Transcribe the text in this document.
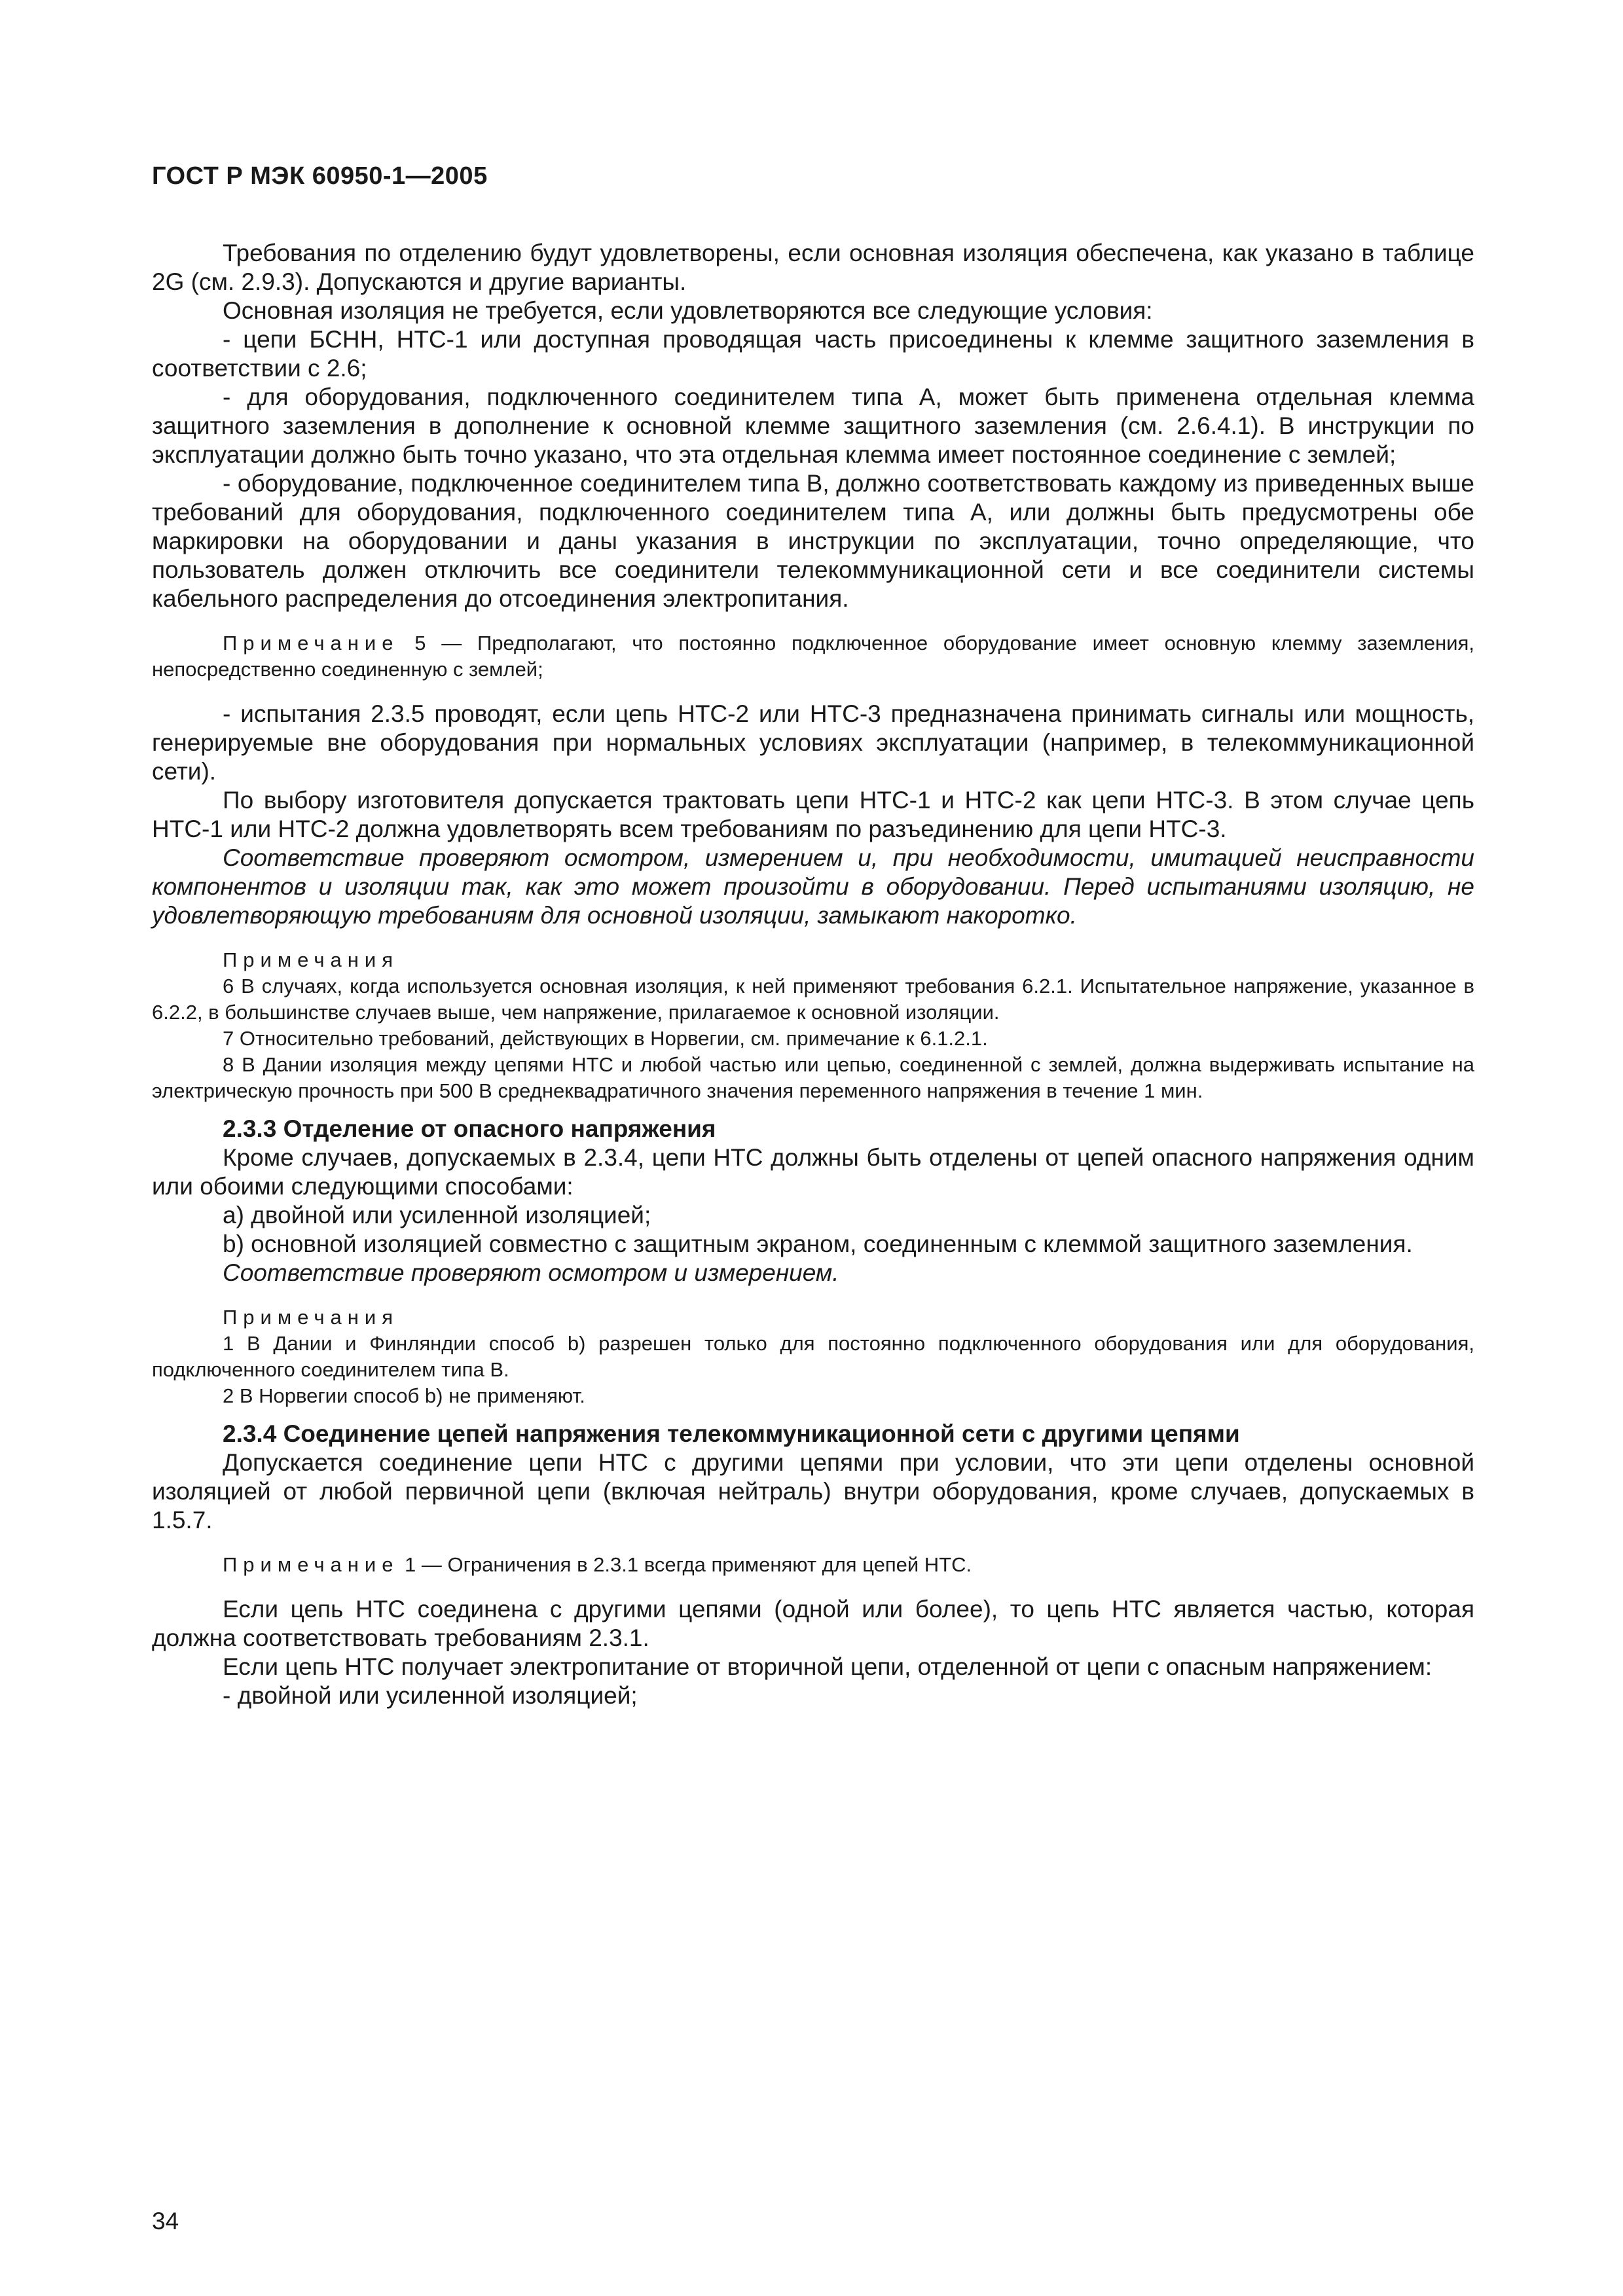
ГОСТ Р МЭК 60950-1—2005

Требования по отделению будут удовлетворены, если основная изоляция обеспечена, как указано в таблице 2G (см. 2.9.3). Допускаются и другие варианты.

Основная изоляция не требуется, если удовлетворяются все следующие условия:

- цепи БСНН, НТС-1 или доступная проводящая часть присоединены к клемме защитного заземления в соответствии с 2.6;

- для оборудования, подключенного соединителем типа А, может быть применена отдельная клемма защитного заземления в дополнение к основной клемме защитного заземления (см. 2.6.4.1). В инструкции по эксплуатации должно быть точно указано, что эта отдельная клемма имеет постоянное соединение с землей;

- оборудование, подключенное соединителем типа В, должно соответствовать каждому из приведенных выше требований для оборудования, подключенного соединителем типа А, или должны быть предусмотрены обе маркировки на оборудовании и даны указания в инструкции по эксплуатации, точно определяющие, что пользователь должен отключить все соединители телекоммуникационной сети и все соединители системы кабельного распределения до отсоединения электропитания.

Примечание 5 — Предполагают, что постоянно подключенное оборудование имеет основную клемму заземления, непосредственно соединенную с землей;

- испытания 2.3.5 проводят, если цепь НТС-2 или НТС-3 предназначена принимать сигналы или мощность, генерируемые вне оборудования при нормальных условиях эксплуатации (например, в телекоммуникационной сети).

По выбору изготовителя допускается трактовать цепи НТС-1 и НТС-2 как цепи НТС-3. В этом случае цепь НТС-1 или НТС-2 должна удовлетворять всем требованиям по разъединению для цепи НТС-3.

Соответствие проверяют осмотром, измерением и, при необходимости, имитацией неисправности компонентов и изоляции так, как это может произойти в оборудовании. Перед испытаниями изоляцию, не удовлетворяющую требованиям для основной изоляции, замыкают накоротко.

Примечания

6 В случаях, когда используется основная изоляция, к ней применяют требования 6.2.1. Испытательное напряжение, указанное в 6.2.2, в большинстве случаев выше, чем напряжение, прилагаемое к основной изоляции.

7 Относительно требований, действующих в Норвегии, см. примечание к 6.1.2.1.

8 В Дании изоляция между цепями НТС и любой частью или цепью, соединенной с землей, должна выдерживать испытание на электрическую прочность при 500 В среднеквадратичного значения переменного напряжения в течение 1 мин.

2.3.3 Отделение от опасного напряжения

Кроме случаев, допускаемых в 2.3.4, цепи НТС должны быть отделены от цепей опасного напряжения одним или обоими следующими способами:

a) двойной или усиленной изоляцией;

b) основной изоляцией совместно с защитным экраном, соединенным с клеммой защитного заземления.

Соответствие проверяют осмотром и измерением.

Примечания

1 В Дании и Финляндии способ b) разрешен только для постоянно подключенного оборудования или для оборудования, подключенного соединителем типа В.

2 В Норвегии способ b) не применяют.

2.3.4 Соединение цепей напряжения телекоммуникационной сети с другими цепями

Допускается соединение цепи НТС с другими цепями при условии, что эти цепи отделены основной изоляцией от любой первичной цепи (включая нейтраль) внутри оборудования, кроме случаев, допускаемых в 1.5.7.

Примечание 1 — Ограничения в 2.3.1 всегда применяют для цепей НТС.

Если цепь НТС соединена с другими цепями (одной или более), то цепь НТС является частью, которая должна соответствовать требованиям 2.3.1.

Если цепь НТС получает электропитание от вторичной цепи, отделенной от цепи с опасным напряжением:

- двойной или усиленной изоляцией;

34
